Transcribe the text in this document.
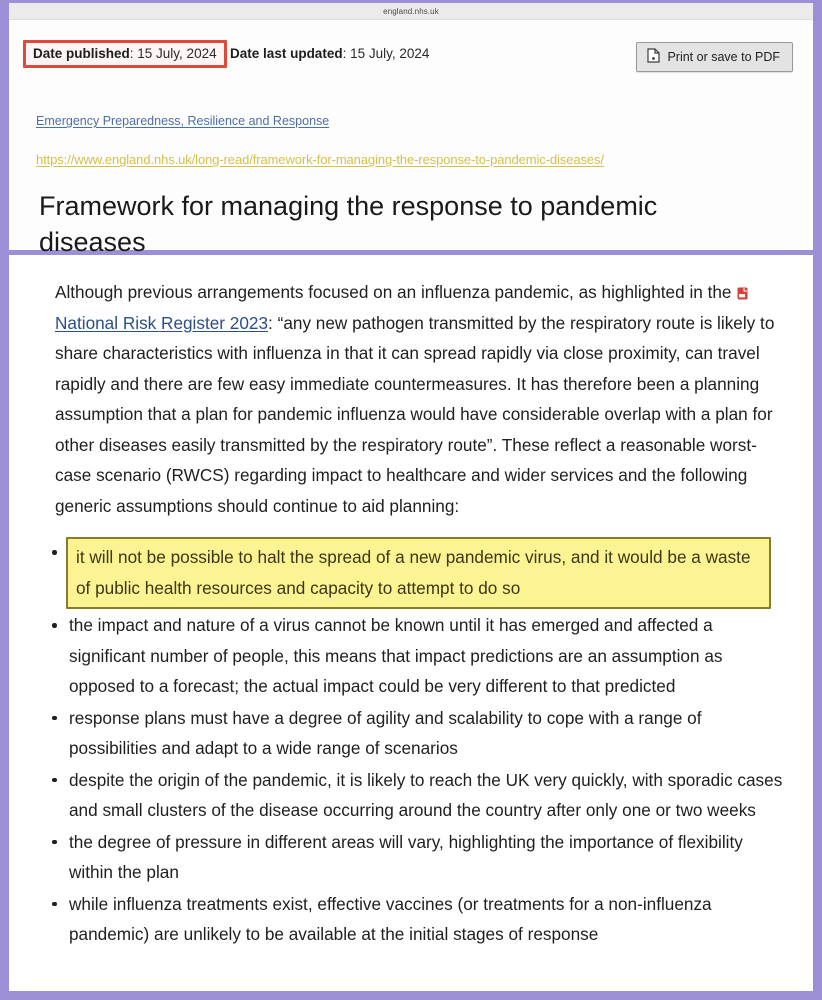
england.nhs.uk
Date published: 15 July, 2024 Date last updated: 15 July, 2024	Print or save to PDF
Emergency Preparedness, Resilience and Response
https://www.england.nhs.uk/long-read/framework-for-managing-the-response-to-pandemic-diseases/
Framework for managing the response to pandemic diseases

Although previous arrangements focused on an influenza pandemic, as highlighted in the National Risk Register 2023: “any new pathogen transmitted by the respiratory route is likely to share characteristics with influenza in that it can spread rapidly via close proximity, can travel rapidly and there are few easy immediate countermeasures. It has therefore been a planning assumption that a plan for pandemic influenza would have considerable overlap with a plan for other diseases easily transmitted by the respiratory route”. These reflect a reasonable worst-case scenario (RWCS) regarding impact to healthcare and wider services and the following generic assumptions should continue to aid planning:

it will not be possible to halt the spread of a new pandemic virus, and it would be a waste of public health resources and capacity to attempt to do so
the impact and nature of a virus cannot be known until it has emerged and affected a significant number of people, this means that impact predictions are an assumption as opposed to a forecast; the actual impact could be very different to that predicted
response plans must have a degree of agility and scalability to cope with a range of possibilities and adapt to a wide range of scenarios
despite the origin of the pandemic, it is likely to reach the UK very quickly, with sporadic cases and small clusters of the disease occurring around the country after only one or two weeks
the degree of pressure in different areas will vary, highlighting the importance of flexibility within the plan
while influenza treatments exist, effective vaccines (or treatments for a non-influenza pandemic) are unlikely to be available at the initial stages of response
